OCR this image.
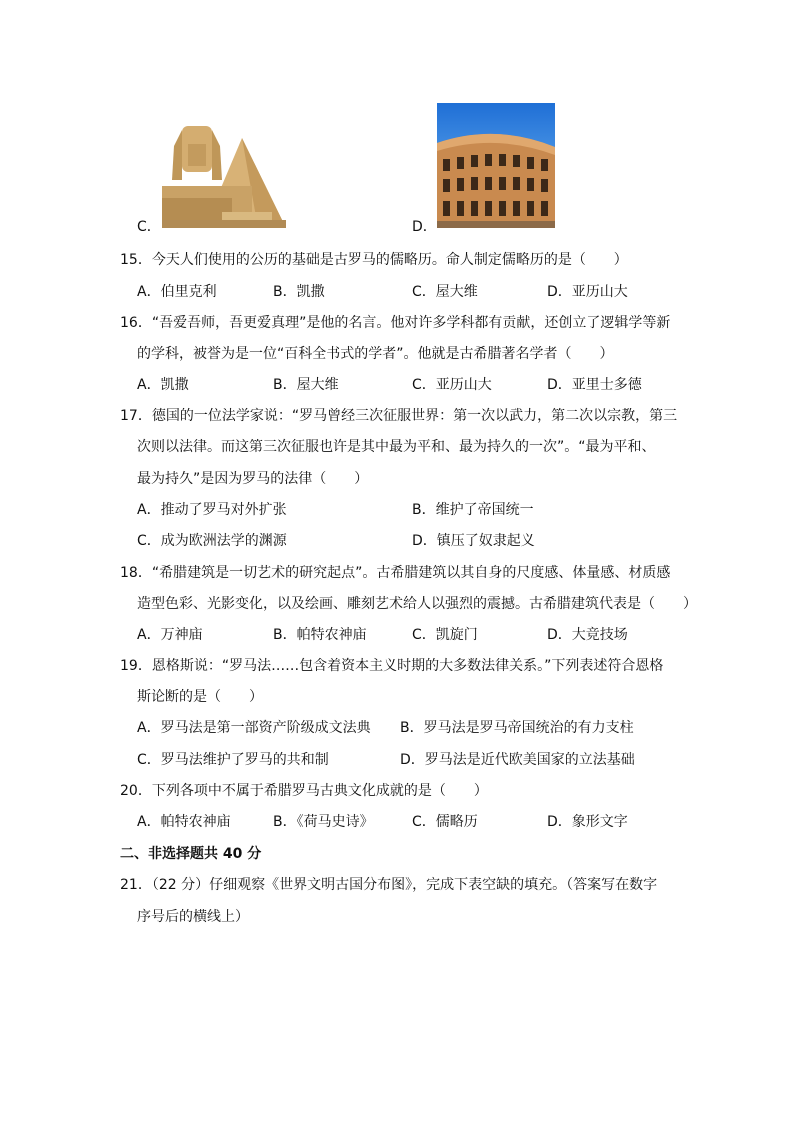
C．	D．
15．今天人们使用的公历的基础是古罗马的儒略历。命人制定儒略历的是（　　）
A．伯里克利	B．凯撒	C．屋大维	D．亚历山大
16．“吾爱吾师，吾更爱真理”是他的名言。他对许多学科都有贡献，还创立了逻辑学等新
的学科，被誉为是一位“百科全书式的学者”。他就是古希腊著名学者（　　）
A．凯撒	B．屋大维	C．亚历山大	D．亚里士多德
17．德国的一位法学家说：“罗马曾经三次征服世界：第一次以武力，第二次以宗教，第三
次则以法律。而这第三次征服也许是其中最为平和、最为持久的一次”。“最为平和、
最为持久”是因为罗马的法律（　　）
A．推动了罗马对外扩张	B．维护了帝国统一
C．成为欧洲法学的渊源	D．镇压了奴隶起义
18．“希腊建筑是一切艺术的研究起点”。古希腊建筑以其自身的尺度感、体量感、材质感
造型色彩、光影变化，以及绘画、雕刻艺术给人以强烈的震撼。古希腊建筑代表是（　　）
A．万神庙	B．帕特农神庙	C．凯旋门	D．大竞技场
19．恩格斯说：“罗马法……包含着资本主义时期的大多数法律关系。”下列表述符合恩格
斯论断的是（　　）
A．罗马法是第一部资产阶级成文法典 B．罗马法是罗马帝国统治的有力支柱
C．罗马法维护了罗马的共和制	D．罗马法是近代欧美国家的立法基础
20．下列各项中不属于希腊罗马古典文化成就的是（　　）
A．帕特农神庙	B．《荷马史诗》	C．儒略历	D．象形文字
二、非选择题共 40 分
21．（22 分）仔细观察《世界文明古国分布图》，完成下表空缺的填充。（答案写在数字
序号后的横线上）
